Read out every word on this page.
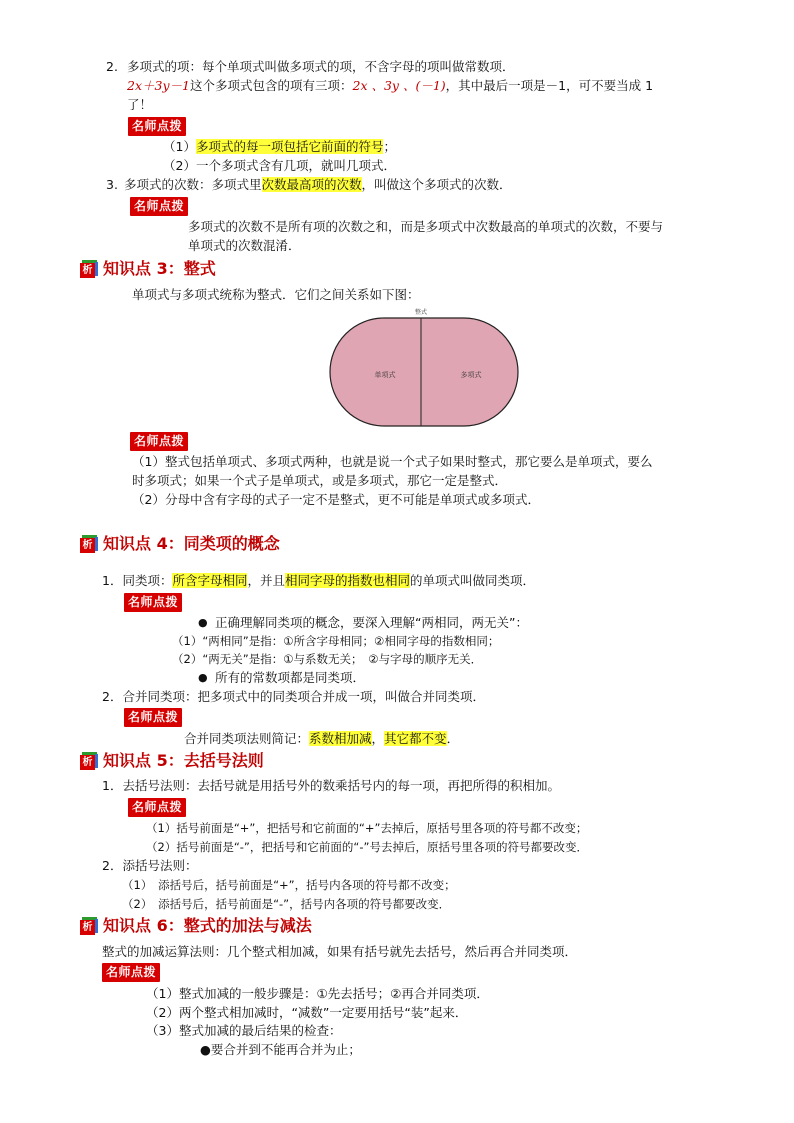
2. 多项式的项：每个单项式叫做多项式的项，不含字母的项叫做常数项．
2x＋3y－1这个多项式包含的项有三项：2x 、3y 、(－1)，其中最后一项是－1，可不要当成 1
了！
名师点拨
（1）多项式的每一项包括它前面的符号；
（2）一个多项式含有几项，就叫几项式．
3. 多项式的次数：多项式里次数最高项的次数，叫做这个多项式的次数．
名师点拨
多项式的次数不是所有项的次数之和，而是多项式中次数最高的单项式的次数，不要与
单项式的次数混淆．
析 知识点 3：整式
单项式与多项式统称为整式．它们之间关系如下图：
整式
单项式	多项式
名师点拨
（1）整式包括单项式、多项式两种，也就是说一个式子如果时整式，那它要么是单项式，要么
时多项式；如果一个式子是单项式，或是多项式，那它一定是整式．
（2）分母中含有字母的式子一定不是整式，更不可能是单项式或多项式．
析 知识点 4：同类项的概念
1．同类项：所含字母相同，并且相同字母的指数也相同的单项式叫做同类项．
名师点拨
● 正确理解同类项的概念，要深入理解“两相同，两无关”：
（1）“两相同”是指：①所含字母相同；②相同字母的指数相同；
（2）“两无关”是指：①与系数无关；　②与字母的顺序无关．
● 所有的常数项都是同类项．
2．合并同类项：把多项式中的同类项合并成一项，叫做合并同类项．
名师点拨
合并同类项法则简记：系数相加减，其它都不变．
析 知识点 5：去括号法则
1．去括号法则：去括号就是用括号外的数乘括号内的每一项，再把所得的积相加。
名师点拨
（1）括号前面是“+”，把括号和它前面的“+”去掉后，原括号里各项的符号都不改变；
（2）括号前面是“-”，把括号和它前面的“-”号去掉后，原括号里各项的符号都要改变．
2．添括号法则：
（1）　添括号后，括号前面是“+”，括号内各项的符号都不改变；
（2）　添括号后，括号前面是“-”，括号内各项的符号都要改变．
析 知识点 6：整式的加法与减法
整式的加减运算法则：几个整式相加减，如果有括号就先去括号，然后再合并同类项．
名师点拨
（1）整式加减的一般步骤是：①先去括号；②再合并同类项．
（2）两个整式相加减时，“减数”一定要用括号“装”起来．
（3）整式加减的最后结果的检查：
●要合并到不能再合并为止；
